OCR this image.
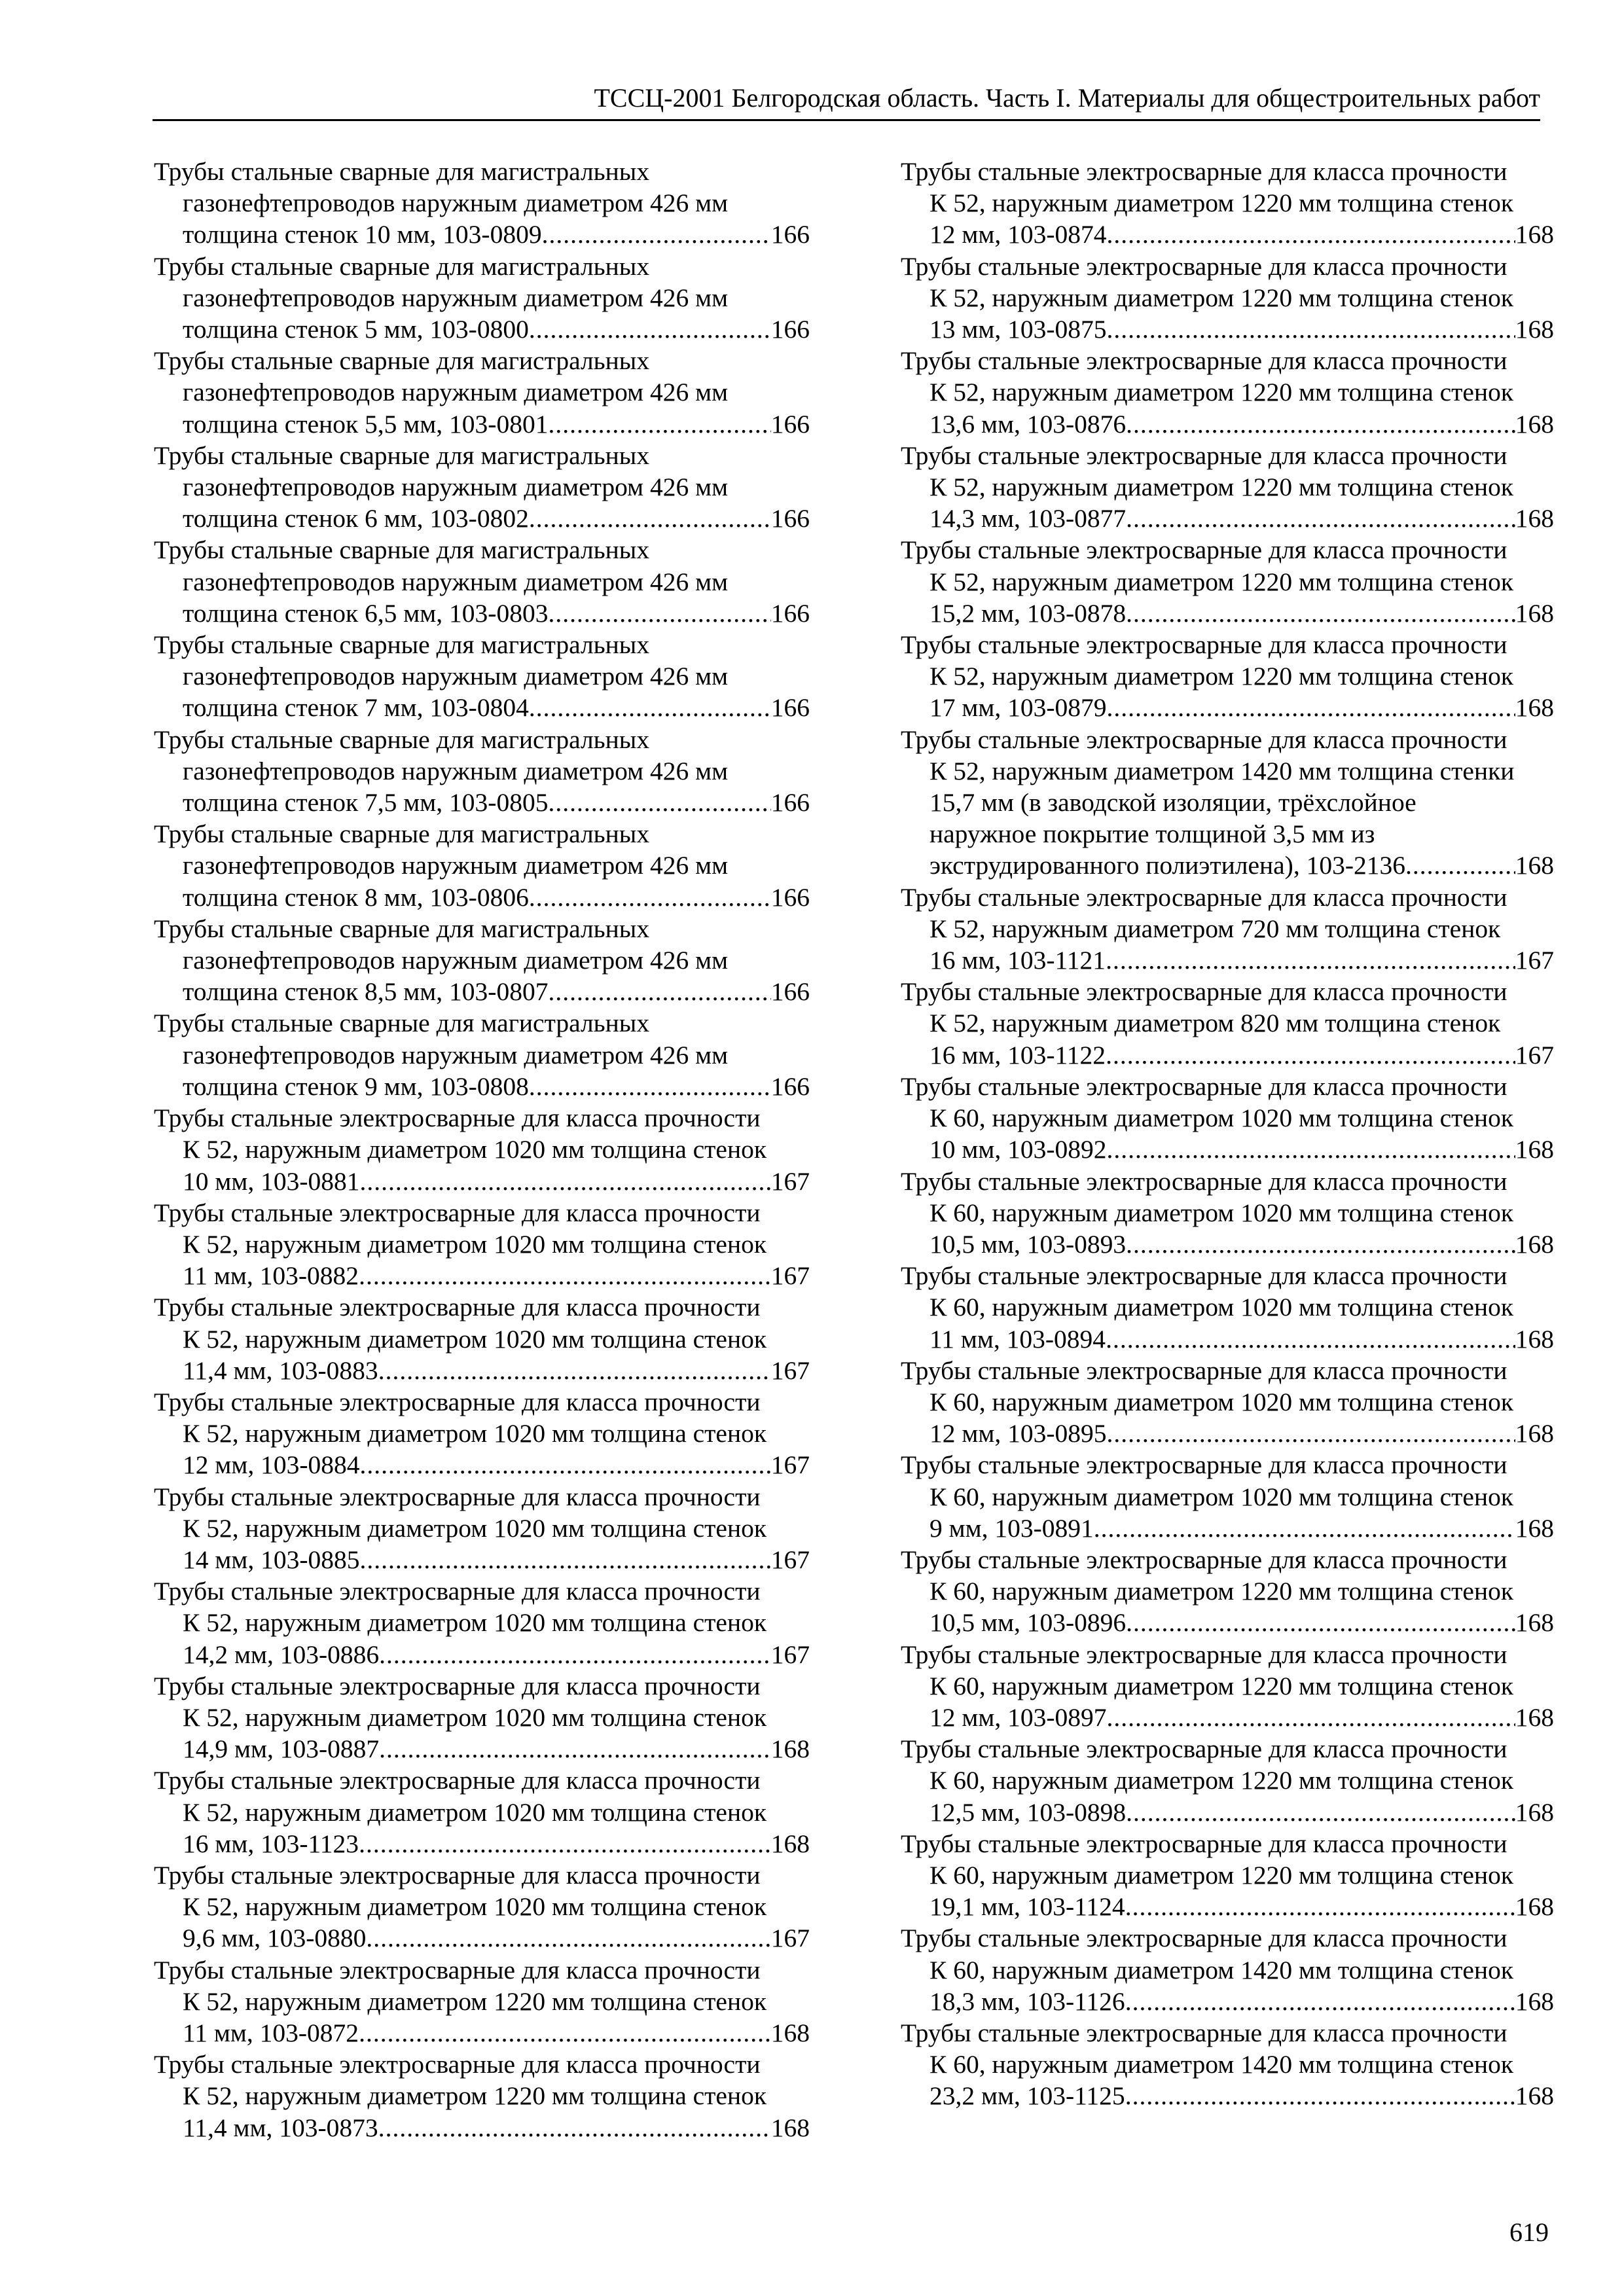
ТССЦ-2001 Белгородская область. Часть I. Материалы для общестроительных работ
Трубы стальные сварные для магистральных
газонефтепроводов наружным диаметром 426 мм
толщина стенок 10 мм, 103-0809 .....	166
Трубы стальные сварные для магистральных
газонефтепроводов наружным диаметром 426 мм
толщина стенок 5 мм, 103-0800 .....	166
Трубы стальные сварные для магистральных
газонефтепроводов наружным диаметром 426 мм
толщина стенок 5,5 мм, 103-0801 .....	166
Трубы стальные сварные для магистральных
газонефтепроводов наружным диаметром 426 мм
толщина стенок 6 мм, 103-0802 .....	166
Трубы стальные сварные для магистральных
газонефтепроводов наружным диаметром 426 мм
толщина стенок 6,5 мм, 103-0803 .....	166
Трубы стальные сварные для магистральных
газонефтепроводов наружным диаметром 426 мм
толщина стенок 7 мм, 103-0804 .....	166
Трубы стальные сварные для магистральных
газонефтепроводов наружным диаметром 426 мм
толщина стенок 7,5 мм, 103-0805 .....	166
Трубы стальные сварные для магистральных
газонефтепроводов наружным диаметром 426 мм
толщина стенок 8 мм, 103-0806 .....	166
Трубы стальные сварные для магистральных
газонефтепроводов наружным диаметром 426 мм
толщина стенок 8,5 мм, 103-0807 .....	166
Трубы стальные сварные для магистральных
газонефтепроводов наружным диаметром 426 мм
толщина стенок 9 мм, 103-0808 .....	166
Трубы стальные электросварные для класса прочности
К 52, наружным диаметром 1020 мм толщина стенок
10 мм, 103-0881 .....	167
Трубы стальные электросварные для класса прочности
К 52, наружным диаметром 1020 мм толщина стенок
11 мм, 103-0882 .....	167
Трубы стальные электросварные для класса прочности
К 52, наружным диаметром 1020 мм толщина стенок
11,4 мм, 103-0883 .....	167
Трубы стальные электросварные для класса прочности
К 52, наружным диаметром 1020 мм толщина стенок
12 мм, 103-0884 .....	167
Трубы стальные электросварные для класса прочности
К 52, наружным диаметром 1020 мм толщина стенок
14 мм, 103-0885 .....	167
Трубы стальные электросварные для класса прочности
К 52, наружным диаметром 1020 мм толщина стенок
14,2 мм, 103-0886 .....	167
Трубы стальные электросварные для класса прочности
К 52, наружным диаметром 1020 мм толщина стенок
14,9 мм, 103-0887 .....	168
Трубы стальные электросварные для класса прочности
К 52, наружным диаметром 1020 мм толщина стенок
16 мм, 103-1123 .....	168
Трубы стальные электросварные для класса прочности
К 52, наружным диаметром 1020 мм толщина стенок
9,6 мм, 103-0880 .....	167
Трубы стальные электросварные для класса прочности
К 52, наружным диаметром 1220 мм толщина стенок
11 мм, 103-0872 .....	168
Трубы стальные электросварные для класса прочности
К 52, наружным диаметром 1220 мм толщина стенок
11,4 мм, 103-0873 .....	168
Трубы стальные электросварные для класса прочности
К 52, наружным диаметром 1220 мм толщина стенок
12 мм, 103-0874 .....	168
Трубы стальные электросварные для класса прочности
К 52, наружным диаметром 1220 мм толщина стенок
13 мм, 103-0875 .....	168
Трубы стальные электросварные для класса прочности
К 52, наружным диаметром 1220 мм толщина стенок
13,6 мм, 103-0876 .....	168
Трубы стальные электросварные для класса прочности
К 52, наружным диаметром 1220 мм толщина стенок
14,3 мм, 103-0877 .....	168
Трубы стальные электросварные для класса прочности
К 52, наружным диаметром 1220 мм толщина стенок
15,2 мм, 103-0878 .....	168
Трубы стальные электросварные для класса прочности
К 52, наружным диаметром 1220 мм толщина стенок
17 мм, 103-0879 .....	168
Трубы стальные электросварные для класса прочности
К 52, наружным диаметром 1420 мм толщина стенки
15,7 мм (в заводской изоляции, трёхслойное
наружное покрытие толщиной 3,5 мм из
экструдированного полиэтилена), 103-2136 .....	168
Трубы стальные электросварные для класса прочности
К 52, наружным диаметром 720 мм толщина стенок
16 мм, 103-1121 .....	167
Трубы стальные электросварные для класса прочности
К 52, наружным диаметром 820 мм толщина стенок
16 мм, 103-1122 .....	167
Трубы стальные электросварные для класса прочности
К 60, наружным диаметром 1020 мм толщина стенок
10 мм, 103-0892 .....	168
Трубы стальные электросварные для класса прочности
К 60, наружным диаметром 1020 мм толщина стенок
10,5 мм, 103-0893 .....	168
Трубы стальные электросварные для класса прочности
К 60, наружным диаметром 1020 мм толщина стенок
11 мм, 103-0894 .....	168
Трубы стальные электросварные для класса прочности
К 60, наружным диаметром 1020 мм толщина стенок
12 мм, 103-0895 .....	168
Трубы стальные электросварные для класса прочности
К 60, наружным диаметром 1020 мм толщина стенок
9 мм, 103-0891 .....	168
Трубы стальные электросварные для класса прочности
К 60, наружным диаметром 1220 мм толщина стенок
10,5 мм, 103-0896 .....	168
Трубы стальные электросварные для класса прочности
К 60, наружным диаметром 1220 мм толщина стенок
12 мм, 103-0897 .....	168
Трубы стальные электросварные для класса прочности
К 60, наружным диаметром 1220 мм толщина стенок
12,5 мм, 103-0898 .....	168
Трубы стальные электросварные для класса прочности
К 60, наружным диаметром 1220 мм толщина стенок
19,1 мм, 103-1124 .....	168
Трубы стальные электросварные для класса прочности
К 60, наружным диаметром 1420 мм толщина стенок
18,3 мм, 103-1126 .....	168
Трубы стальные электросварные для класса прочности
К 60, наружным диаметром 1420 мм толщина стенок
23,2 мм, 103-1125 .....	168
619
